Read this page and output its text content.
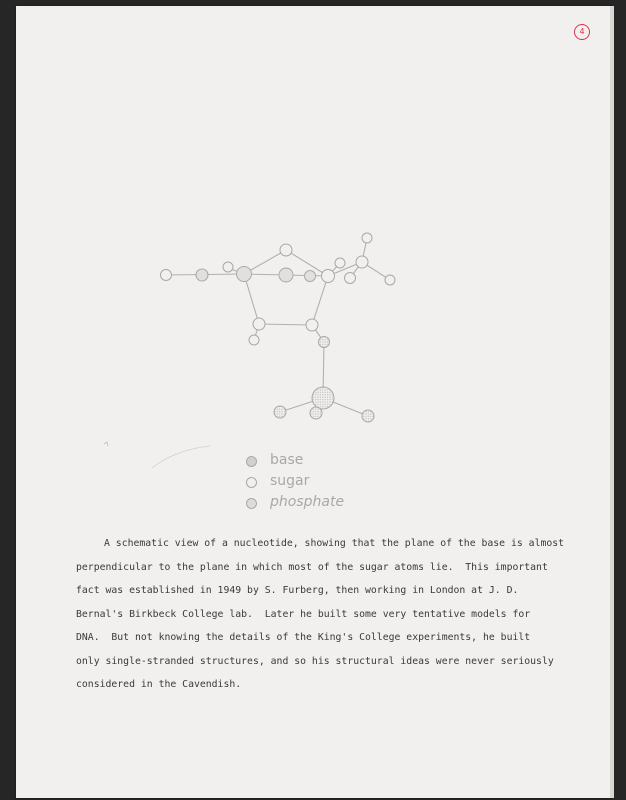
4
base
sugar
phosphate
A schematic view of a nucleotide, showing that the plane of the base is almost
perpendicular to the plane in which most of the sugar atoms lie.  This important
fact was established in 1949 by S. Furberg, then working in London at J. D.
Bernal's Birkbeck College lab.  Later he built some very tentative models for
DNA.  But not knowing the details of the King's College experiments, he built
only single-stranded structures, and so his structural ideas were never seriously
considered in the Cavendish.
